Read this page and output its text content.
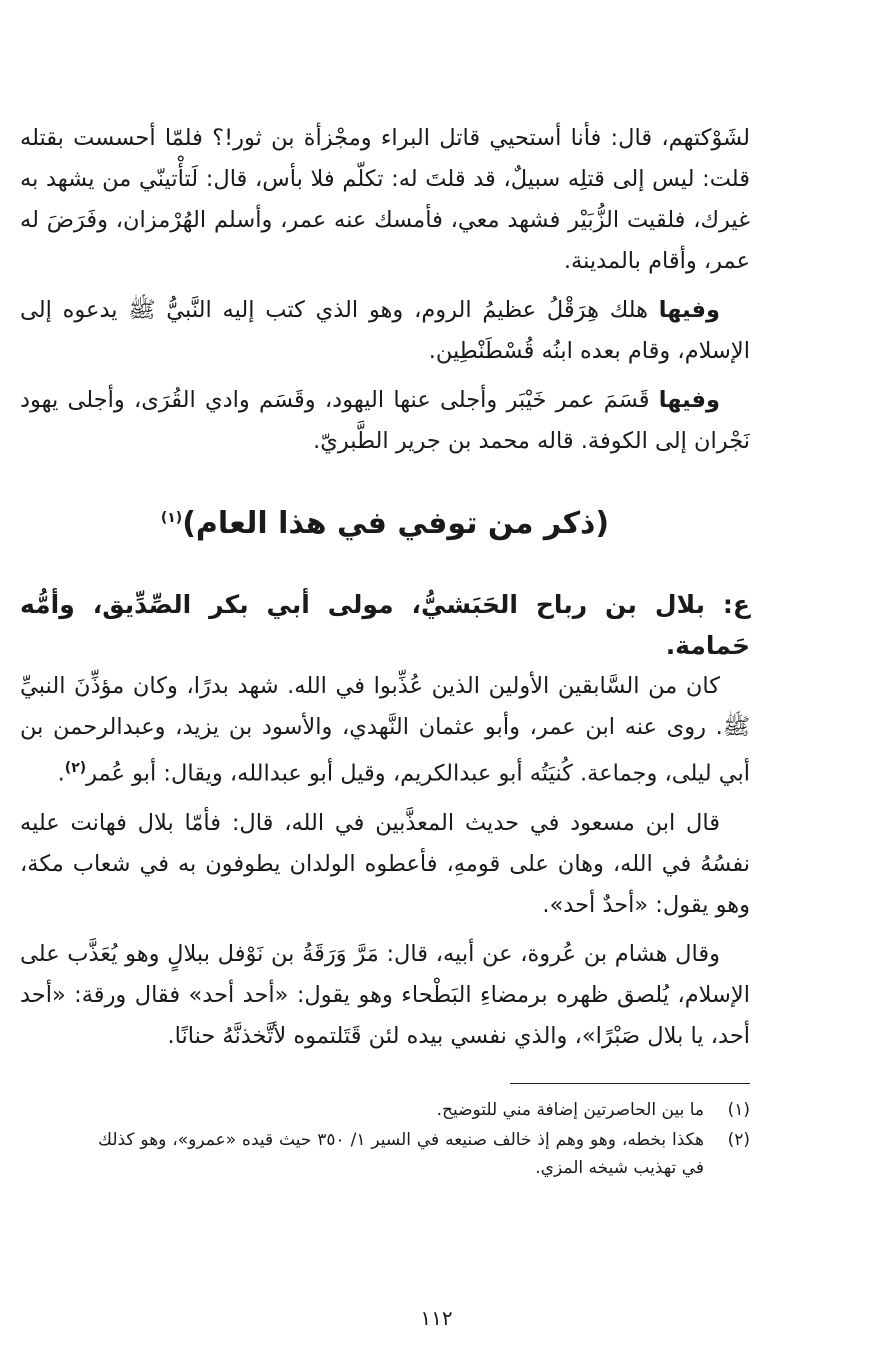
لشَوْكتهم، قال: فأنا أستحيي قاتل البراء ومجْزأة بن ثور!؟ فلمّا أحسست بقتله قلت: ليس إلى قتلِه سبيلٌ، قد قلتَ له: تكلّم فلا بأس، قال: لَتأْتينّي من يشهد به غيرك، فلقيت الزُّبَيْر فشهد معي، فأمسك عنه عمر، وأسلم الهُرْمزان، وفَرَضَ له عمر، وأقام بالمدينة.

وفيها هلك هِرَقْلُ عظيمُ الروم، وهو الذي كتب إليه النَّبيُّ ﷺ يدعوه إلى الإسلام، وقام بعده ابنُه قُسْطَنْطِين.

وفيها قَسَمَ عمر خَيْبَر وأجلى عنها اليهود، وقَسَم وادي القُرَى، وأجلى يهود نَجْران إلى الكوفة. قاله محمد بن جرير الطَّبريّ.

(ذكر من توفي في هذا العام)$^{(١)}$

ع: بلال بن رباح الحَبَشيُّ، مولى أبي بكر الصِّدِّيق، وأمُّه حَمامة.

كان من السَّابقين الأولين الذين عُذِّبوا في الله. شهد بدرًا، وكان مؤذِّنَ النبيِّ ﷺ. روى عنه ابن عمر، وأبو عثمان النَّهدي، والأسود بن يزيد، وعبدالرحمن بن أبي ليلى، وجماعة. كُنيَتُه أبو عبدالكريم، وقيل أبو عبدالله، ويقال: أبو عُمر$^{(٢)}$.

قال ابن مسعود في حديث المعذَّبين في الله، قال: فأمّا بلال فهانت عليه نفسُهُ في الله، وهان على قومهِ، فأعطوه الولدان يطوفون به في شعاب مكة، وهو يقول: «أحدٌ أحد».

وقال هشام بن عُروة، عن أبيه، قال: مَرَّ وَرَقَةُ بن نَوْفل ببلالٍ وهو يُعَذَّب على الإسلام، يُلصق ظهره برمضاءِ البَطْحاء وهو يقول: «أحد أحد» فقال ورقة: «أحد أحد، يا بلال صَبْرًا»، والذي نفسي بيده لئن قَتَلتموه لأتَّخذنَّهُ حنانًا.

(١)
ما بين الحاصرتين إضافة مني للتوضيح.
(٢)
هكذا بخطه، وهو وهم إذ خالف صنيعه في السير ١/ ٣٥٠ حيث قيده «عمرو»، وهو كذلك في تهذيب شيخه المزي.
١١٢
